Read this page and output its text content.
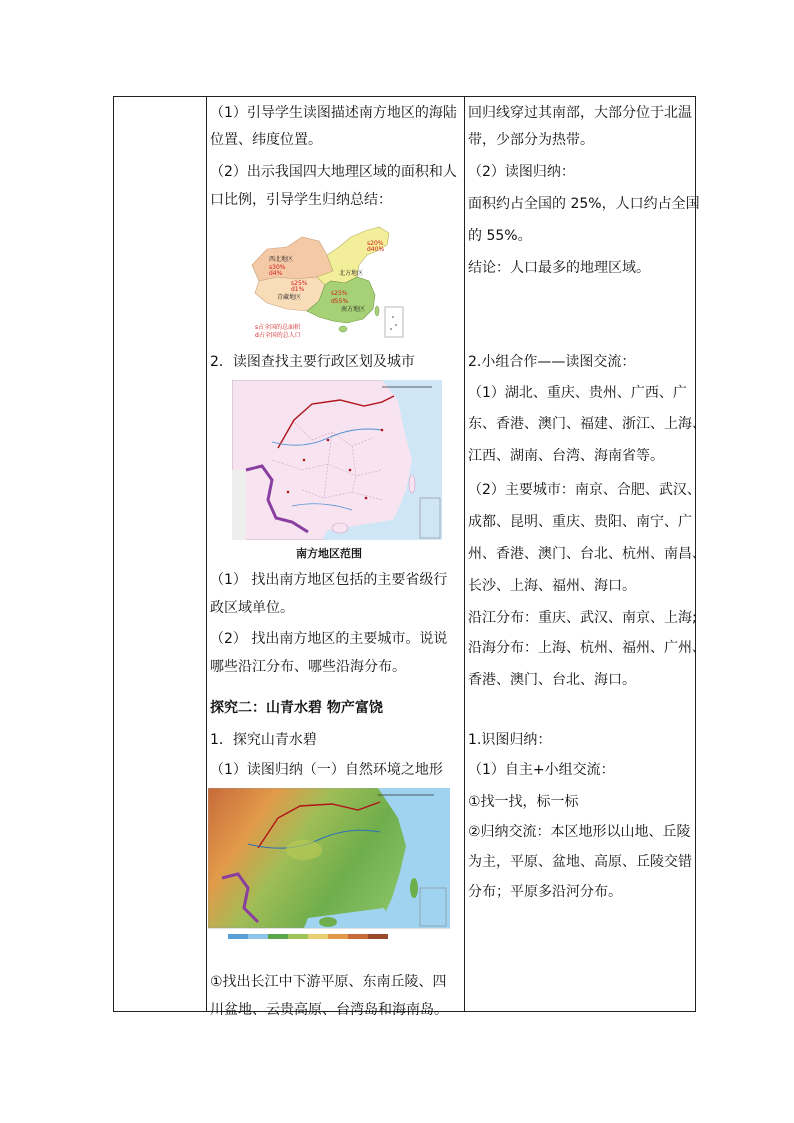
（1）引导学生读图描述南方地区的海陆
位置、纬度位置。
（2）出示我国四大地理区域的面积和人
口比例，引导学生归纳总结：
西北地区
s30%
d4%
s25%
d1%
青藏地区
s20%
d40%
北方地区
s25%
d55%
南方地区
s占全国的总面积
d占全国的总人口
2．读图查找主要行政区划及城市
南方地区范围
（1） 找出南方地区包括的主要省级行
政区域单位。
（2） 找出南方地区的主要城市。说说
哪些沿江分布、哪些沿海分布。
探究二：山青水碧 物产富饶
1．探究山青水碧
（1）读图归纳（一）自然环境之地形
①找出长江中下游平原、东南丘陵、四
川盆地、云贵高原、台湾岛和海南岛。
回归线穿过其南部，大部分位于北温
带，少部分为热带。
（2）读图归纳：
面积约占全国的 25%，人口约占全国
的 55%。
结论：人口最多的地理区域。
2.小组合作——读图交流：
（1）湖北、重庆、贵州、广西、广
东、香港、澳门、福建、浙江、上海、
江西、湖南、台湾、海南省等。
（2）主要城市：南京、合肥、武汉、
成都、昆明、重庆、贵阳、南宁、广
州、香港、澳门、台北、杭州、南昌、
长沙、上海、福州、海口。
沿江分布：重庆、武汉、南京、上海;
沿海分布：上海、杭州、福州、广州、
香港、澳门、台北、海口。
1.识图归纳：
（1）自主+小组交流：
①找一找，标一标
②归纳交流：本区地形以山地、丘陵
为主，平原、盆地、高原、丘陵交错
分布；平原多沿河分布。
